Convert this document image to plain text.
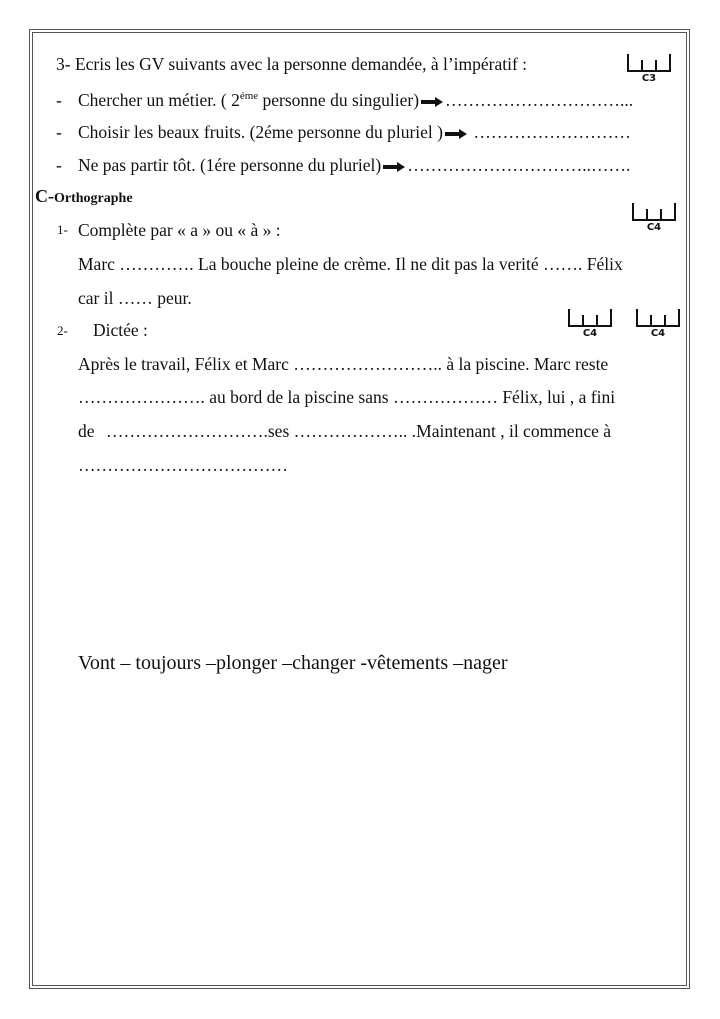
3- Ecris les GV suivants avec la personne demandée, à l’impératif :
C3
- Chercher un métier. ( $2^{éme}$ personne du singulier) …………………………...
- Choisir les beaux fruits. (2éme personne du pluriel )
………………………
- Ne pas partir tôt. (1ére personne du pluriel) …………………………..…….
C-Orthographe
C4
1- Complète par « a » ou « à » :
Marc …………. La bouche pleine de crème. Il ne dit pas la verité ……. Félix
car il …… peur.
C4	C4
2- Dictée :
Après le travail, Félix et Marc …………………….. à la piscine. Marc reste
…………………. au bord de la piscine sans ……………… Félix, lui , a fini
de ……………………….ses ……………….. .Maintenant , il commence à
………………………………
Vont – toujours –plonger –changer -vêtements –nager
